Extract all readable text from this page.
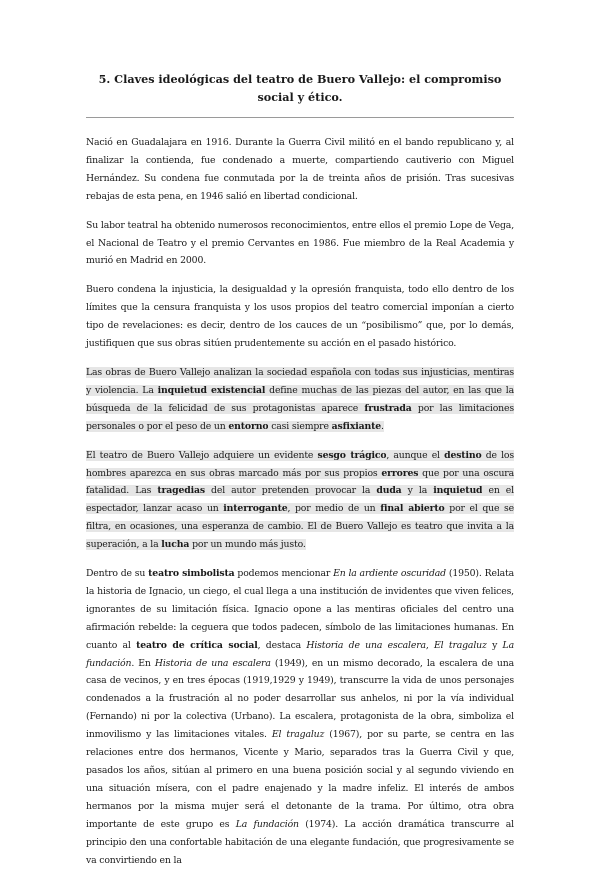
5. Claves ideológicas del teatro de Buero Vallejo: el compromiso social y ético.

Nació en Guadalajara en 1916. Durante la Guerra Civil militó en el bando republicano y, al finalizar la contienda, fue condenado a muerte, compartiendo cautiverio con Miguel Hernández. Su condena fue conmutada por la de treinta años de prisión. Tras sucesivas rebajas de esta pena, en 1946 salió en libertad condicional.

Su labor teatral ha obtenido numerosos reconocimientos, entre ellos el premio Lope de Vega, el Nacional de Teatro y el premio Cervantes en 1986. Fue miembro de la Real Academia y murió en Madrid en 2000.

Buero condena la injusticia, la desigualdad y la opresión franquista, todo ello dentro de los límites que la censura franquista y los usos propios del teatro comercial imponían a cierto tipo de revelaciones: es decir, dentro de los cauces de un “posibilismo” que, por lo demás, justifiquen que sus obras sitúen prudentemente su acción en el pasado histórico.

Las obras de Buero Vallejo analizan la sociedad española con todas sus injusticias, mentiras y violencia. La inquietud existencial define muchas de las piezas del autor, en las que la búsqueda de la felicidad de sus protagonistas aparece frustrada por las limitaciones personales o por el peso de un entorno casi siempre asfixiante.

El teatro de Buero Vallejo adquiere un evidente sesgo trágico, aunque el destino de los hombres aparezca en sus obras marcado más por sus propios errores que por una oscura fatalidad. Las tragedias del autor pretenden provocar la duda y la inquietud en el espectador, lanzar acaso un interrogante, por medio de un final abierto por el que se filtra, en ocasiones, una esperanza de cambio. El de Buero Vallejo es teatro que invita a la superación, a la lucha por un mundo más justo.

Dentro de su teatro simbolista podemos mencionar En la ardiente oscuridad (1950). Relata la historia de Ignacio, un ciego, el cual llega a una institución de invidentes que viven felices, ignorantes de su limitación física. Ignacio opone a las mentiras oficiales del centro una afirmación rebelde: la ceguera que todos padecen, símbolo de las limitaciones humanas. En cuanto al teatro de crítica social, destaca Historia de una escalera, El tragaluz y La fundación. En Historia de una escalera (1949), en un mismo decorado, la escalera de una casa de vecinos, y en tres épocas (1919,1929 y 1949), transcurre la vida de unos personajes condenados a la frustración al no poder desarrollar sus anhelos, ni por la vía individual (Fernando) ni por la colectiva (Urbano). La escalera, protagonista de la obra, simboliza el inmovilismo y las limitaciones vitales. El tragaluz (1967), por su parte, se centra en las relaciones entre dos hermanos, Vicente y Mario, separados tras la Guerra Civil y que, pasados los años, sitúan al primero en una buena posición social y al segundo viviendo en una situación mísera, con el padre enajenado y la madre infeliz. El interés de ambos hermanos por la misma mujer será el detonante de la trama. Por último, otra obra importante de este grupo es La fundación (1974). La acción dramática transcurre al principio den una confortable habitación de una elegante fundación, que progresivamente se va convirtiendo en la
